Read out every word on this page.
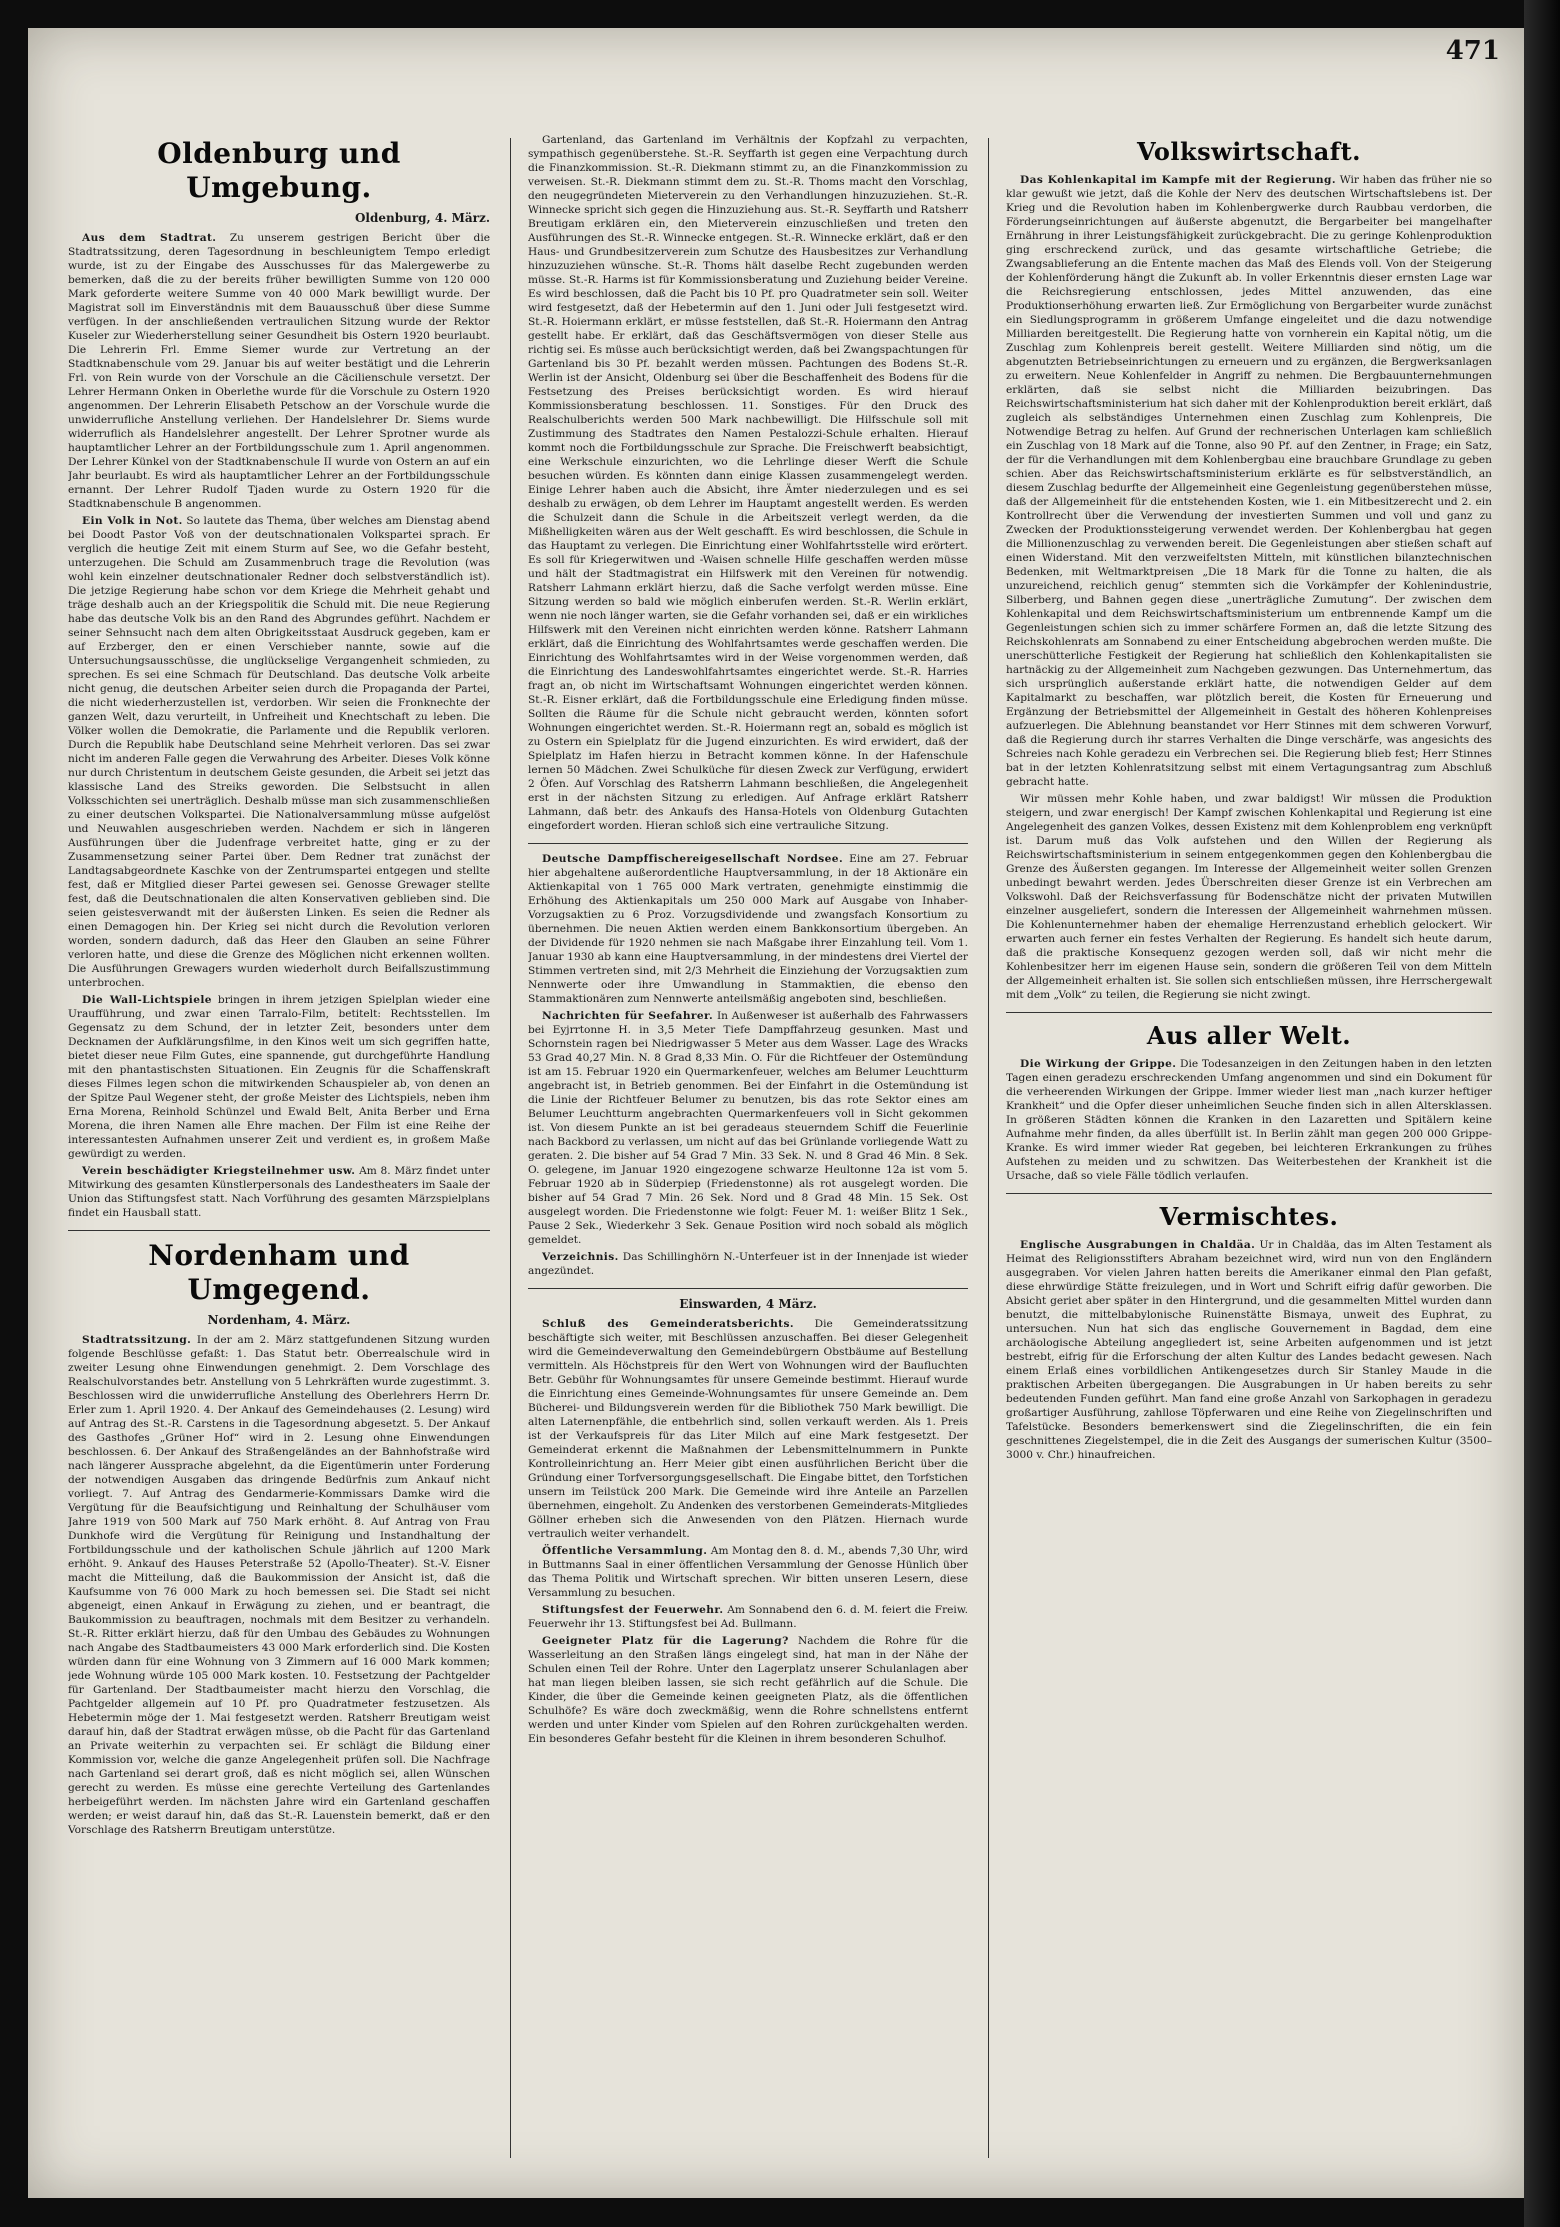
471
Oldenburg und Umgebung.
Oldenburg, 4. März.

Aus dem Stadtrat. Zu unserem gestrigen Bericht über die Stadtratssitzung, deren Tagesordnung in beschleunigtem Tempo erledigt wurde, ist zu der Eingabe des Ausschusses für das Malergewerbe zu bemerken, daß die zu der bereits früher bewilligten Summe von 120 000 Mark geforderte weitere Summe von 40 000 Mark bewilligt wurde. Der Magistrat soll im Einverständnis mit dem Bauausschuß über diese Summe verfügen. In der anschließenden vertraulichen Sitzung wurde der Rektor Kuseler zur Wiederherstellung seiner Gesundheit bis Ostern 1920 beurlaubt. Die Lehrerin Frl. Emme Siemer wurde zur Vertretung an der Stadtknabenschule vom 29. Januar bis auf weiter bestätigt und die Lehrerin Frl. von Rein wurde von der Vorschule an die Cäcilienschule versetzt. Der Lehrer Hermann Onken in Oberlethe wurde für die Vorschule zu Ostern 1920 angenommen. Der Lehrerin Elisabeth Petschow an der Vorschule wurde die unwiderrufliche Anstellung verliehen. Der Handelslehrer Dr. Siems wurde widerruflich als Handelslehrer angestellt. Der Lehrer Sprotner wurde als hauptamtlicher Lehrer an der Fortbildungsschule zum 1. April angenommen. Der Lehrer Künkel von der Stadtknabenschule II wurde von Ostern an auf ein Jahr beurlaubt. Es wird als hauptamtlicher Lehrer an der Fortbildungsschule ernannt. Der Lehrer Rudolf Tjaden wurde zu Ostern 1920 für die Stadtknabenschule B angenommen.

Ein Volk in Not. So lautete das Thema, über welches am Dienstag abend bei Doodt Pastor Voß von der deutschnationalen Volkspartei sprach. Er verglich die heutige Zeit mit einem Sturm auf See, wo die Gefahr besteht, unterzugehen. Die Schuld am Zusammenbruch trage die Revolution (was wohl kein einzelner deutschnationaler Redner doch selbstverständlich ist). Die jetzige Regierung habe schon vor dem Kriege die Mehrheit gehabt und träge deshalb auch an der Kriegspolitik die Schuld mit. Die neue Regierung habe das deutsche Volk bis an den Rand des Abgrundes geführt. Nachdem er seiner Sehnsucht nach dem alten Obrigkeitsstaat Ausdruck gegeben, kam er auf Erzberger, den er einen Verschieber nannte, sowie auf die Untersuchungsausschüsse, die unglückselige Vergangenheit schmieden, zu sprechen. Es sei eine Schmach für Deutschland. Das deutsche Volk arbeite nicht genug, die deutschen Arbeiter seien durch die Propaganda der Partei, die nicht wiederherzustellen ist, verdorben. Wir seien die Fronknechte der ganzen Welt, dazu verurteilt, in Unfreiheit und Knechtschaft zu leben. Die Völker wollen die Demokratie, die Parlamente und die Republik verloren. Durch die Republik habe Deutschland seine Mehrheit verloren. Das sei zwar nicht im anderen Falle gegen die Verwahrung des Arbeiter. Dieses Volk könne nur durch Christentum in deutschem Geiste gesunden, die Arbeit sei jetzt das klassische Land des Streiks geworden. Die Selbstsucht in allen Volksschichten sei unerträglich. Deshalb müsse man sich zusammenschließen zu einer deutschen Volkspartei. Die Nationalversammlung müsse aufgelöst und Neuwahlen ausgeschrieben werden. Nachdem er sich in längeren Ausführungen über die Judenfrage verbreitet hatte, ging er zu der Zusammensetzung seiner Partei über. Dem Redner trat zunächst der Landtagsabgeordnete Kaschke von der Zentrumspartei entgegen und stellte fest, daß er Mitglied dieser Partei gewesen sei. Genosse Grewager stellte fest, daß die Deutschnationalen die alten Konservativen geblieben sind. Die seien geistesverwandt mit der äußersten Linken. Es seien die Redner als einen Demagogen hin. Der Krieg sei nicht durch die Revolution verloren worden, sondern dadurch, daß das Heer den Glauben an seine Führer verloren hatte, und diese die Grenze des Möglichen nicht erkennen wollten. Die Ausführungen Grewagers wurden wiederholt durch Beifallszustimmung unterbrochen.

Die Wall-Lichtspiele bringen in ihrem jetzigen Spielplan wieder eine Uraufführung, und zwar einen Tarralo-Film, betitelt: Rechtsstellen. Im Gegensatz zu dem Schund, der in letzter Zeit, besonders unter dem Decknamen der Aufklärungsfilme, in den Kinos weit um sich gegriffen hatte, bietet dieser neue Film Gutes, eine spannende, gut durchgeführte Handlung mit den phantastischsten Situationen. Ein Zeugnis für die Schaffenskraft dieses Filmes legen schon die mitwirkenden Schauspieler ab, von denen an der Spitze Paul Wegener steht, der große Meister des Lichtspiels, neben ihm Erna Morena, Reinhold Schünzel und Ewald Belt, Anita Berber und Erna Morena, die ihren Namen alle Ehre machen. Der Film ist eine Reihe der interessantesten Aufnahmen unserer Zeit und verdient es, in großem Maße gewürdigt zu werden.

Verein beschädigter Kriegsteilnehmer usw. Am 8. März findet unter Mitwirkung des gesamten Künstlerpersonals des Landestheaters im Saale der Union das Stiftungsfest statt. Nach Vorführung des gesamten Märzspielplans findet ein Hausball statt.

Nordenham und Umgegend.
Nordenham, 4. März.

Stadtratssitzung. In der am 2. März stattgefundenen Sitzung wurden folgende Beschlüsse gefaßt: 1. Das Statut betr. Oberrealschule wird in zweiter Lesung ohne Einwendungen genehmigt. 2. Dem Vorschlage des Realschulvorstandes betr. Anstellung von 5 Lehrkräften wurde zugestimmt. 3. Beschlossen wird die unwiderrufliche Anstellung des Oberlehrers Herrn Dr. Erler zum 1. April 1920. 4. Der Ankauf des Gemeindehauses (2. Lesung) wird auf Antrag des St.-R. Carstens in die Tagesordnung abgesetzt. 5. Der Ankauf des Gasthofes „Grüner Hof“ wird in 2. Lesung ohne Einwendungen beschlossen. 6. Der Ankauf des Straßengeländes an der Bahnhofstraße wird nach längerer Aussprache abgelehnt, da die Eigentümerin unter Forderung der notwendigen Ausgaben das dringende Bedürfnis zum Ankauf nicht vorliegt. 7. Auf Antrag des Gendarmerie-Kommissars Damke wird die Vergütung für die Beaufsichtigung und Reinhaltung der Schulhäuser vom Jahre 1919 von 500 Mark auf 750 Mark erhöht. 8. Auf Antrag von Frau Dunkhofe wird die Vergütung für Reinigung und Instandhaltung der Fortbildungsschule und der katholischen Schule jährlich auf 1200 Mark erhöht. 9. Ankauf des Hauses Peterstraße 52 (Apollo-Theater). St.-V. Eisner macht die Mitteilung, daß die Baukommission der Ansicht ist, daß die Kaufsumme von 76 000 Mark zu hoch bemessen sei. Die Stadt sei nicht abgeneigt, einen Ankauf in Erwägung zu ziehen, und er beantragt, die Baukommission zu beauftragen, nochmals mit dem Besitzer zu verhandeln. St.-R. Ritter erklärt hierzu, daß für den Umbau des Gebäudes zu Wohnungen nach Angabe des Stadtbaumeisters 43 000 Mark erforderlich sind. Die Kosten würden dann für eine Wohnung von 3 Zimmern auf 16 000 Mark kommen; jede Wohnung würde 105 000 Mark kosten. 10. Festsetzung der Pachtgelder für Gartenland. Der Stadtbaumeister macht hierzu den Vorschlag, die Pachtgelder allgemein auf 10 Pf. pro Quadratmeter festzusetzen. Als Hebetermin möge der 1. Mai festgesetzt werden. Ratsherr Breutigam weist darauf hin, daß der Stadtrat erwägen müsse, ob die Pacht für das Gartenland an Private weiterhin zu verpachten sei. Er schlägt die Bildung einer Kommission vor, welche die ganze Angelegenheit prüfen soll. Die Nachfrage nach Gartenland sei derart groß, daß es nicht möglich sei, allen Wünschen gerecht zu werden. Es müsse eine gerechte Verteilung des Gartenlandes herbeigeführt werden. Im nächsten Jahre wird ein Gartenland geschaffen werden; er weist darauf hin, daß das St.-R. Lauenstein bemerkt, daß er den Vorschlage des Ratsherrn Breutigam unterstütze.

Gartenland, das Gartenland im Verhältnis der Kopfzahl zu verpachten, sympathisch gegenüberstehe. St.-R. Seyffarth ist gegen eine Verpachtung durch die Finanzkommission. St.-R. Diekmann stimmt zu, an die Finanzkommission zu verweisen. St.-R. Diekmann stimmt dem zu. St.-R. Thoms macht den Vorschlag, den neugegründeten Mieterverein zu den Verhandlungen hinzuzuziehen. St.-R. Winnecke spricht sich gegen die Hinzuziehung aus. St.-R. Seyffarth und Ratsherr Breutigam erklären ein, den Mieterverein einzuschließen und treten den Ausführungen des St.-R. Winnecke entgegen. St.-R. Winnecke erklärt, daß er den Haus- und Grundbesitzerverein zum Schutze des Hausbesitzes zur Verhandlung hinzuzuziehen wünsche. St.-R. Thoms hält daselbe Recht zugebunden werden müsse. St.-R. Harms ist für Kommissionsberatung und Zuziehung beider Vereine. Es wird beschlossen, daß die Pacht bis 10 Pf. pro Quadratmeter sein soll. Weiter wird festgesetzt, daß der Hebetermin auf den 1. Juni oder Juli festgesetzt wird. St.-R. Hoiermann erklärt, er müsse feststellen, daß St.-R. Hoiermann den Antrag gestellt habe. Er erklärt, daß das Geschäftsvermögen von dieser Stelle aus richtig sei. Es müsse auch berücksichtigt werden, daß bei Zwangspachtungen für Gartenland bis 30 Pf. bezahlt werden müssen. Pachtungen des Bodens St.-R. Werlin ist der Ansicht, Oldenburg sei über die Beschaffenheit des Bodens für die Festsetzung des Preises berücksichtigt worden. Es wird hierauf Kommissionsberatung beschlossen. 11. Sonstiges. Für den Druck des Realschulberichts werden 500 Mark nachbewilligt. Die Hilfsschule soll mit Zustimmung des Stadtrates den Namen Pestalozzi-Schule erhalten. Hierauf kommt noch die Fortbildungsschule zur Sprache. Die Freischwerft beabsichtigt, eine Werkschule einzurichten, wo die Lehrlinge dieser Werft die Schule besuchen würden. Es könnten dann einige Klassen zusammengelegt werden. Einige Lehrer haben auch die Absicht, ihre Ämter niederzulegen und es sei deshalb zu erwägen, ob dem Lehrer im Hauptamt angestellt werden. Es werden die Schulzeit dann die Schule in die Arbeitszeit verlegt werden, da die Mißhelligkeiten wären aus der Welt geschafft. Es wird beschlossen, die Schule in das Hauptamt zu verlegen. Die Einrichtung einer Wohlfahrtsstelle wird erörtert. Es soll für Kriegerwitwen und -Waisen schnelle Hilfe geschaffen werden müsse und hält der Stadtmagistrat ein Hilfswerk mit den Vereinen für notwendig. Ratsherr Lahmann erklärt hierzu, daß die Sache verfolgt werden müsse. Eine Sitzung werden so bald wie möglich einberufen werden. St.-R. Werlin erklärt, wenn nie noch länger warten, sie die Gefahr vorhanden sei, daß er ein wirkliches Hilfswerk mit den Vereinen nicht einrichten werden könne. Ratsherr Lahmann erklärt, daß die Einrichtung des Wohlfahrtsamtes werde geschaffen werden. Die Einrichtung des Wohlfahrtsamtes wird in der Weise vorgenommen werden, daß die Einrichtung des Landeswohlfahrtsamtes eingerichtet werde. St.-R. Harries fragt an, ob nicht im Wirtschaftsamt Wohnungen eingerichtet werden können. St.-R. Eisner erklärt, daß die Fortbildungsschule eine Erledigung finden müsse. Sollten die Räume für die Schule nicht gebraucht werden, könnten sofort Wohnungen eingerichtet werden. St.-R. Hoiermann regt an, sobald es möglich ist zu Ostern ein Spielplatz für die Jugend einzurichten. Es wird erwidert, daß der Spielplatz im Hafen hierzu in Betracht kommen könne. In der Hafenschule lernen 50 Mädchen. Zwei Schulküche für diesen Zweck zur Verfügung, erwidert 2 Öfen. Auf Vorschlag des Ratsherrn Lahmann beschließen, die Angelegenheit erst in der nächsten Sitzung zu erledigen. Auf Anfrage erklärt Ratsherr Lahmann, daß betr. des Ankaufs des Hansa-Hotels von Oldenburg Gutachten eingefordert worden. Hieran schloß sich eine vertrauliche Sitzung.

Deutsche Dampffischereigesellschaft Nordsee. Eine am 27. Februar hier abgehaltene außerordentliche Hauptversammlung, in der 18 Aktionäre ein Aktienkapital von 1 765 000 Mark vertraten, genehmigte einstimmig die Erhöhung des Aktienkapitals um 250 000 Mark auf Ausgabe von Inhaber-Vorzugsaktien zu 6 Proz. Vorzugsdividende und zwangsfach Konsortium zu übernehmen. Die neuen Aktien werden einem Bankkonsortium übergeben. An der Dividende für 1920 nehmen sie nach Maßgabe ihrer Einzahlung teil. Vom 1. Januar 1930 ab kann eine Hauptversammlung, in der mindestens drei Viertel der Stimmen vertreten sind, mit 2/3 Mehrheit die Einziehung der Vorzugsaktien zum Nennwerte oder ihre Umwandlung in Stammaktien, die ebenso den Stammaktionären zum Nennwerte anteilsmäßig angeboten sind, beschließen.

Nachrichten für Seefahrer. In Außenweser ist außerhalb des Fahrwassers bei Eyjrrtonne H. in 3,5 Meter Tiefe Dampffahrzeug gesunken. Mast und Schornstein ragen bei Niedrigwasser 5 Meter aus dem Wasser. Lage des Wracks 53 Grad 40,27 Min. N. 8 Grad 8,33 Min. O. Für die Richtfeuer der Ostemündung ist am 15. Februar 1920 ein Quermarkenfeuer, welches am Belumer Leuchtturm angebracht ist, in Betrieb genommen. Bei der Einfahrt in die Ostemündung ist die Linie der Richtfeuer Belumer zu benutzen, bis das rote Sektor eines am Belumer Leuchtturm angebrachten Quermarkenfeuers voll in Sicht gekommen ist. Von diesem Punkte an ist bei geradeaus steuerndem Schiff die Feuerlinie nach Backbord zu verlassen, um nicht auf das bei Grünlande vorliegende Watt zu geraten. 2. Die bisher auf 54 Grad 7 Min. 33 Sek. N. und 8 Grad 46 Min. 8 Sek. O. gelegene, im Januar 1920 eingezogene schwarze Heultonne 12a ist vom 5. Februar 1920 ab in Süderpiep (Friedenstonne) als rot ausgelegt worden. Die bisher auf 54 Grad 7 Min. 26 Sek. Nord und 8 Grad 48 Min. 15 Sek. Ost ausgelegt worden. Die Friedenstonne wie folgt: Feuer M. 1: weißer Blitz 1 Sek., Pause 2 Sek., Wiederkehr 3 Sek. Genaue Position wird noch sobald als möglich gemeldet.

Verzeichnis. Das Schillinghörn N.-Unterfeuer ist in der Innenjade ist wieder angezündet.

Einswarden, 4 März.

Schluß des Gemeinderatsberichts. Die Gemeinderatssitzung beschäftigte sich weiter, mit Beschlüssen anzuschaffen. Bei dieser Gelegenheit wird die Gemeindeverwaltung den Gemeindebürgern Obstbäume auf Bestellung vermitteln. Als Höchstpreis für den Wert von Wohnungen wird der Baufluchten Betr. Gebühr für Wohnungsamtes für unsere Gemeinde bestimmt. Hierauf wurde die Einrichtung eines Gemeinde-Wohnungsamtes für unsere Gemeinde an. Dem Bücherei- und Bildungsverein werden für die Bibliothek 750 Mark bewilligt. Die alten Laternenpfähle, die entbehrlich sind, sollen verkauft werden. Als 1. Preis ist der Verkaufspreis für das Liter Milch auf eine Mark festgesetzt. Der Gemeinderat erkennt die Maßnahmen der Lebensmittelnummern in Punkte Kontrolleinrichtung an. Herr Meier gibt einen ausführlichen Bericht über die Gründung einer Torfversorgungsgesellschaft. Die Eingabe bittet, den Torfstichen unsern im Teilstück 200 Mark. Die Gemeinde wird ihre Anteile an Parzellen übernehmen, eingeholt. Zu Andenken des verstorbenen Gemeinderats-Mitgliedes Göllner erheben sich die Anwesenden von den Plätzen. Hiernach wurde vertraulich weiter verhandelt.

Öffentliche Versammlung. Am Montag den 8. d. M., abends 7,30 Uhr, wird in Buttmanns Saal in einer öffentlichen Versammlung der Genosse Hünlich über das Thema Politik und Wirtschaft sprechen. Wir bitten unseren Lesern, diese Versammlung zu besuchen.

Stiftungsfest der Feuerwehr. Am Sonnabend den 6. d. M. feiert die Freiw. Feuerwehr ihr 13. Stiftungsfest bei Ad. Bullmann.

Geeigneter Platz für die Lagerung? Nachdem die Rohre für die Wasserleitung an den Straßen längs eingelegt sind, hat man in der Nähe der Schulen einen Teil der Rohre. Unter den Lagerplatz unserer Schulanlagen aber hat man liegen bleiben lassen, sie sich recht gefährlich auf die Schule. Die Kinder, die über die Gemeinde keinen geeigneten Platz, als die öffentlichen Schulhöfe? Es wäre doch zweckmäßig, wenn die Rohre schnellstens entfernt werden und unter Kinder vom Spielen auf den Rohren zurückgehalten werden. Ein besonderes Gefahr besteht für die Kleinen in ihrem besonderen Schulhof.

Volkswirtschaft.

Das Kohlenkapital im Kampfe mit der Regierung. Wir haben das früher nie so klar gewußt wie jetzt, daß die Kohle der Nerv des deutschen Wirtschaftslebens ist. Der Krieg und die Revolution haben im Kohlenbergwerke durch Raubbau verdorben, die Förderungseinrichtungen auf äußerste abgenutzt, die Bergarbeiter bei mangelhafter Ernährung in ihrer Leistungsfähigkeit zurückgebracht. Die zu geringe Kohlenproduktion ging erschreckend zurück, und das gesamte wirtschaftliche Getriebe; die Zwangsablieferung an die Entente machen das Maß des Elends voll. Von der Steigerung der Kohlenförderung hängt die Zukunft ab. In voller Erkenntnis dieser ernsten Lage war die Reichsregierung entschlossen, jedes Mittel anzuwenden, das eine Produktionserhöhung erwarten ließ. Zur Ermöglichung von Bergarbeiter wurde zunächst ein Siedlungsprogramm in größerem Umfange eingeleitet und die dazu notwendige Milliarden bereitgestellt. Die Regierung hatte von vornherein ein Kapital nötig, um die Zuschlag zum Kohlenpreis bereit gestellt. Weitere Milliarden sind nötig, um die abgenutzten Betriebseinrichtungen zu erneuern und zu ergänzen, die Bergwerksanlagen zu erweitern. Neue Kohlenfelder in Angriff zu nehmen. Die Bergbauunternehmungen erklärten, daß sie selbst nicht die Milliarden beizubringen. Das Reichswirtschaftsministerium hat sich daher mit der Kohlenproduktion bereit erklärt, daß zugleich als selbständiges Unternehmen einen Zuschlag zum Kohlenpreis, Die Notwendige Betrag zu helfen. Auf Grund der rechnerischen Unterlagen kam schließlich ein Zuschlag von 18 Mark auf die Tonne, also 90 Pf. auf den Zentner, in Frage; ein Satz, der für die Verhandlungen mit dem Kohlenbergbau eine brauchbare Grundlage zu geben schien. Aber das Reichswirtschaftsministerium erklärte es für selbstverständlich, an diesem Zuschlag bedurfte der Allgemeinheit eine Gegenleistung gegenüberstehen müsse, daß der Allgemeinheit für die entstehenden Kosten, wie 1. ein Mitbesitzerecht und 2. ein Kontrollrecht über die Verwendung der investierten Summen und voll und ganz zu Zwecken der Produktionssteigerung verwendet werden. Der Kohlenbergbau hat gegen die Millionenzuschlag zu verwenden bereit. Die Gegenleistungen aber stießen schaft auf einen Widerstand. Mit den verzweifeltsten Mitteln, mit künstlichen bilanztechnischen Bedenken, mit Weltmarktpreisen „Die 18 Mark für die Tonne zu halten, die als unzureichend, reichlich genug“ stemmten sich die Vorkämpfer der Kohlenindustrie, Silberberg, und Bahnen gegen diese „unerträgliche Zumutung“. Der zwischen dem Kohlenkapital und dem Reichswirtschaftsministerium um entbrennende Kampf um die Gegenleistungen schien sich zu immer schärfere Formen an, daß die letzte Sitzung des Reichskohlenrats am Sonnabend zu einer Entscheidung abgebrochen werden mußte. Die unerschütterliche Festigkeit der Regierung hat schließlich den Kohlenkapitalisten sie hartnäckig zu der Allgemeinheit zum Nachgeben gezwungen. Das Unternehmertum, das sich ursprünglich außerstande erklärt hatte, die notwendigen Gelder auf dem Kapitalmarkt zu beschaffen, war plötzlich bereit, die Kosten für Erneuerung und Ergänzung der Betriebsmittel der Allgemeinheit in Gestalt des höheren Kohlenpreises aufzuerlegen. Die Ablehnung beanstandet vor Herr Stinnes mit dem schweren Vorwurf, daß die Regierung durch ihr starres Verhalten die Dinge verschärfe, was angesichts des Schreies nach Kohle geradezu ein Verbrechen sei. Die Regierung blieb fest; Herr Stinnes bat in der letzten Kohlenratsitzung selbst mit einem Vertagungsantrag zum Abschluß gebracht hatte.

Wir müssen mehr Kohle haben, und zwar baldigst! Wir müssen die Produktion steigern, und zwar energisch! Der Kampf zwischen Kohlenkapital und Regierung ist eine Angelegenheit des ganzen Volkes, dessen Existenz mit dem Kohlenproblem eng verknüpft ist. Darum muß das Volk aufstehen und den Willen der Regierung als Reichswirtschaftsministerium in seinem entgegenkommen gegen den Kohlenbergbau die Grenze des Äußersten gegangen. Im Interesse der Allgemeinheit weiter sollen Grenzen unbedingt bewahrt werden. Jedes Überschreiten dieser Grenze ist ein Verbrechen am Volkswohl. Daß der Reichsverfassung für Bodenschätze nicht der privaten Mutwillen einzelner ausgeliefert, sondern die Interessen der Allgemeinheit wahrnehmen müssen. Die Kohlenunternehmer haben der ehemalige Herrenzustand erheblich gelockert. Wir erwarten auch ferner ein festes Verhalten der Regierung. Es handelt sich heute darum, daß die praktische Konsequenz gezogen werden soll, daß wir nicht mehr die Kohlenbesitzer herr im eigenen Hause sein, sondern die größeren Teil von dem Mitteln der Allgemeinheit erhalten ist. Sie sollen sich entschließen müssen, ihre Herrschergewalt mit dem „Volk“ zu teilen, die Regierung sie nicht zwingt.

Aus aller Welt.

Die Wirkung der Grippe. Die Todesanzeigen in den Zeitungen haben in den letzten Tagen einen geradezu erschreckenden Umfang angenommen und sind ein Dokument für die verheerenden Wirkungen der Grippe. Immer wieder liest man „nach kurzer heftiger Krankheit“ und die Opfer dieser unheimlichen Seuche finden sich in allen Altersklassen. In größeren Städten können die Kranken in den Lazaretten und Spitälern keine Aufnahme mehr finden, da alles überfüllt ist. In Berlin zählt man gegen 200 000 Grippe-Kranke. Es wird immer wieder Rat gegeben, bei leichteren Erkrankungen zu frühes Aufstehen zu meiden und zu schwitzen. Das Weiterbestehen der Krankheit ist die Ursache, daß so viele Fälle tödlich verlaufen.

Vermischtes.

Englische Ausgrabungen in Chaldäa. Ur in Chaldäa, das im Alten Testament als Heimat des Religionsstifters Abraham bezeichnet wird, wird nun von den Engländern ausgegraben. Vor vielen Jahren hatten bereits die Amerikaner einmal den Plan gefaßt, diese ehrwürdige Stätte freizulegen, und in Wort und Schrift eifrig dafür geworben. Die Absicht geriet aber später in den Hintergrund, und die gesammelten Mittel wurden dann benutzt, die mittelbabylonische Ruinenstätte Bismaya, unweit des Euphrat, zu untersuchen. Nun hat sich das englische Gouvernement in Bagdad, dem eine archäologische Abteilung angegliedert ist, seine Arbeiten aufgenommen und ist jetzt bestrebt, eifrig für die Erforschung der alten Kultur des Landes bedacht gewesen. Nach einem Erlaß eines vorbildlichen Antikengesetzes durch Sir Stanley Maude in die praktischen Arbeiten übergegangen. Die Ausgrabungen in Ur haben bereits zu sehr bedeutenden Funden geführt. Man fand eine große Anzahl von Sarkophagen in geradezu großartiger Ausführung, zahllose Töpferwaren und eine Reihe von Ziegelinschriften und Tafelstücke. Besonders bemerkenswert sind die Ziegelinschriften, die ein fein geschnittenes Ziegelstempel, die in die Zeit des Ausgangs der sumerischen Kultur (3500–3000 v. Chr.) hinaufreichen.
